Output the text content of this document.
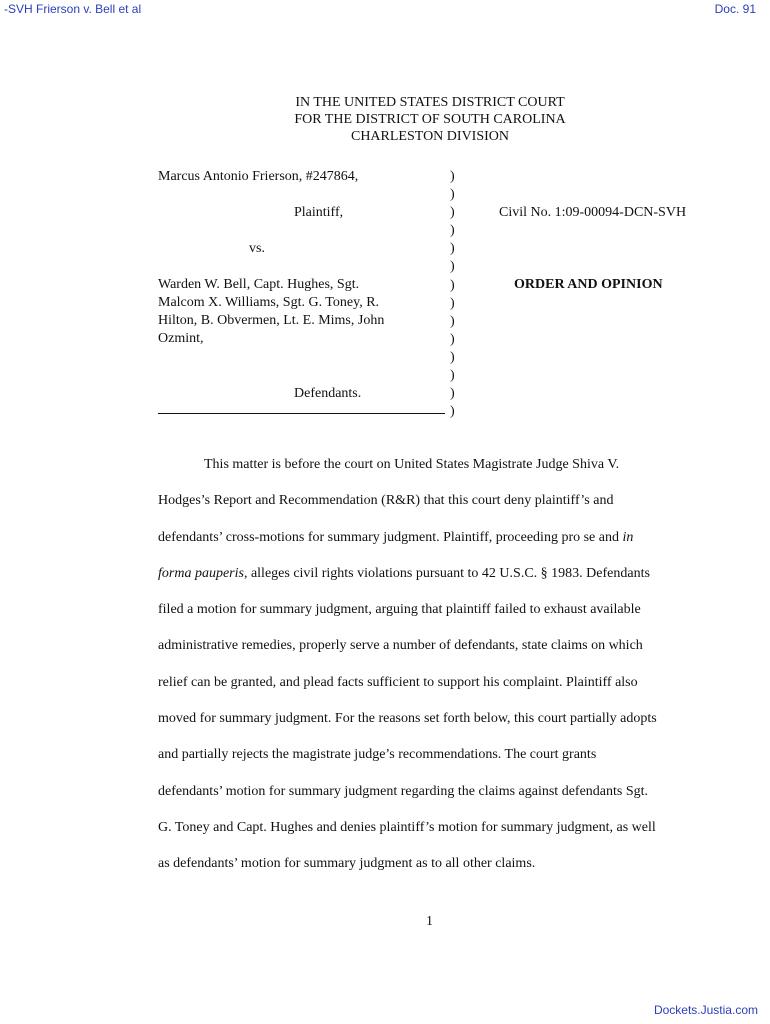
-SVH Frierson v. Bell et al	Doc. 91
IN THE UNITED STATES DISTRICT COURT
FOR THE DISTRICT OF SOUTH CAROLINA
CHARLESTON DIVISION
Marcus Antonio Frierson, #247864,
Plaintiff,
vs.
Warden W. Bell, Capt. Hughes, Sgt.
Malcom X. Williams, Sgt. G. Toney, R.
Hilton, B. Obvermen, Lt. E. Mims, John
Ozmint,
Defendants.
)
)
)
)
)
)
)
)
)
)
)
)
)
)
Civil No. 1:09-00094-DCN-SVH
ORDER AND OPINION
This matter is before the court on United States Magistrate Judge Shiva V.
Hodges’s Report and Recommendation (R&R) that this court deny plaintiff’s and
defendants’ cross-motions for summary judgment. Plaintiff, proceeding pro se and in
forma pauperis, alleges civil rights violations pursuant to 42 U.S.C. § 1983. Defendants
filed a motion for summary judgment, arguing that plaintiff failed to exhaust available
administrative remedies, properly serve a number of defendants, state claims on which
relief can be granted, and plead facts sufficient to support his complaint. Plaintiff also
moved for summary judgment. For the reasons set forth below, this court partially adopts
and partially rejects the magistrate judge’s recommendations. The court grants
defendants’ motion for summary judgment regarding the claims against defendants Sgt.
G. Toney and Capt. Hughes and denies plaintiff’s motion for summary judgment, as well
as defendants’ motion for summary judgment as to all other claims.
1
Dockets.Justia.com
